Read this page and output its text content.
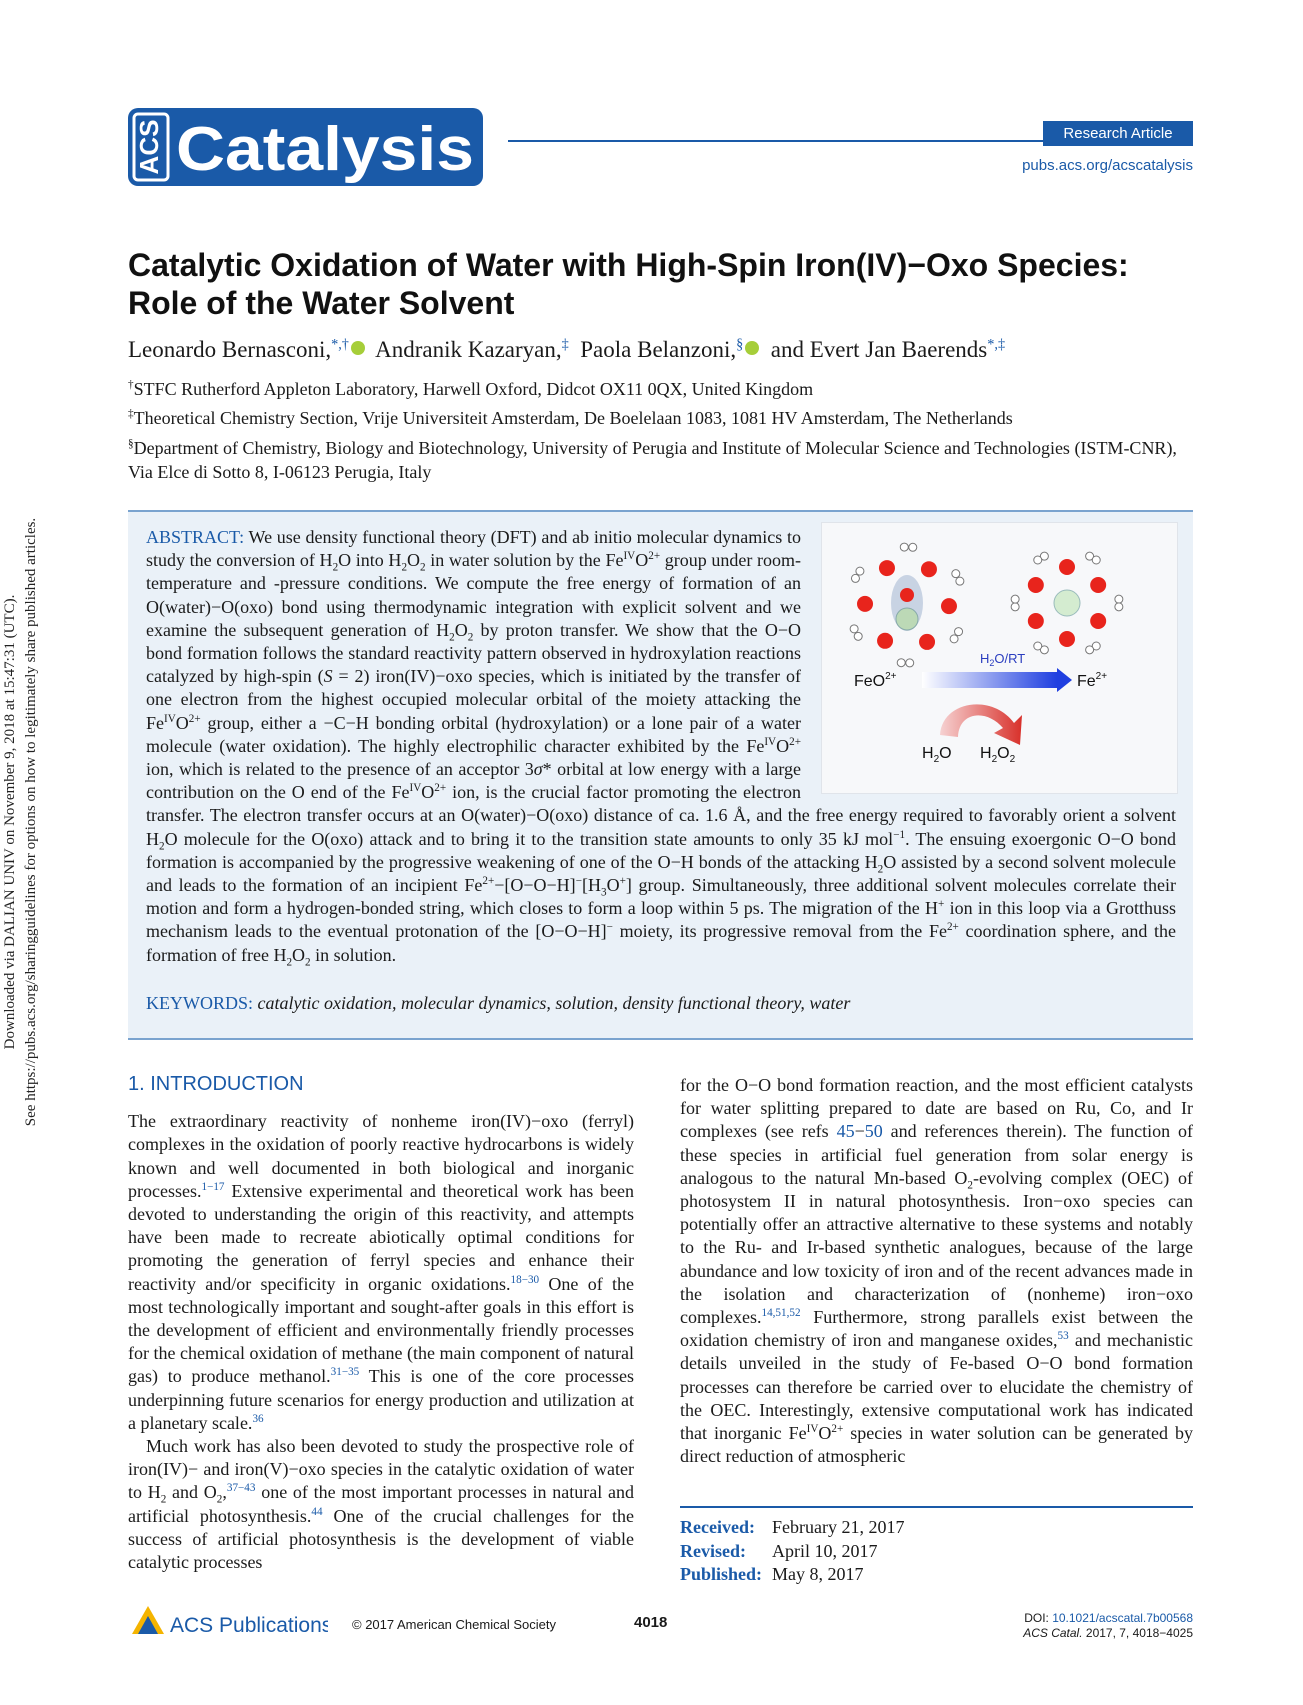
ACS Catalysis	Research Article
pubs.acs.org/acscatalysis
Downloaded via DALIAN UNIV on November 9, 2018 at 15:47:31 (UTC). See https://pubs.acs.org/sharingguidelines for options on how to legitimately share published articles.
Catalytic Oxidation of Water with High-Spin Iron(IV)−Oxo Species:
Role of the Water Solvent
Leonardo Bernasconi,*,† Andranik Kazaryan,‡ Paola Belanzoni,§ and Evert Jan Baerends*,‡
†STFC Rutherford Appleton Laboratory, Harwell Oxford, Didcot OX11 0QX, United Kingdom
‡Theoretical Chemistry Section, Vrije Universiteit Amsterdam, De Boelelaan 1083, 1081 HV Amsterdam, The Netherlands
§Department of Chemistry, Biology and Biotechnology, University of Perugia and Institute of Molecular Science and Technologies (ISTM-CNR), Via Elce di Sotto 8, I-06123 Perugia, Italy
$H_2O/RT$
FeO$^{2+}$	$Fe^{2+}$
$H_2O$ $H_2O_2$
ABSTRACT: We use density functional theory (DFT) and ab initio molecular dynamics to study the conversion of $H_2O$ into $H_2O_2$ in water solution by the $Fe^{IV}O^{2+}$ group under room-temperature and -pressure conditions. We compute the free energy of formation of an O(water)−O(oxo) bond using thermodynamic integration with explicit solvent and we examine the subsequent generation of $H_2O_2$ by proton transfer. We show that the O−O bond formation follows the standard reactivity pattern observed in hydroxylation reactions catalyzed by high-spin (S = 2) iron(IV)−oxo species, which is initiated by the transfer of one electron from the highest occupied molecular orbital of the moiety attacking the $Fe^{IV}O^{2+}$ group, either a −C−H bonding orbital (hydroxylation) or a lone pair of a water molecule (water oxidation). The highly electrophilic character exhibited by the $Fe^{IV}O^{2+}$ ion, which is related to the presence of an acceptor 3σ* orbital at low energy with a large contribution on the O end of the $Fe^{IV}O^{2+}$ ion, is the crucial factor promoting the electron transfer. The electron transfer occurs at an O(water)−O(oxo) distance of ca. 1.6 Å, and the free energy required to favorably orient a solvent $H_2O$ molecule for the O(oxo) attack and to bring it to the transition state amounts to only 35 kJ mol$^{-1}$. The ensuing exoergonic O−O bond formation is accompanied by the progressive weakening of one of the O−H bonds of the attacking $H_2O$ assisted by a second solvent molecule and leads to the formation of an incipient $Fe^{2+}-[O-O-H]^-[H_3O^+]$ group. Simultaneously, three additional solvent molecules correlate their motion and form a hydrogen-bonded string, which closes to form a loop within 5 ps. The migration of the H+ ion in this loop via a Grotthuss mechanism leads to the eventual protonation of the [O−O−H]− moiety, its progressive removal from the $Fe^{2+}$ coordination sphere, and the formation of free $H_2O_2$ in solution.
KEYWORDS: catalytic oxidation, molecular dynamics, solution, density functional theory, water
1. INTRODUCTION

The extraordinary reactivity of nonheme iron(IV)−oxo (ferryl) complexes in the oxidation of poorly reactive hydrocarbons is widely known and well documented in both biological and inorganic processes.$^{1-17}$ Extensive experimental and theoretical work has been devoted to understanding the origin of this reactivity, and attempts have been made to recreate abiotically optimal conditions for promoting the generation of ferryl species and enhance their reactivity and/or specificity in organic oxidations.$^{18-30}$ One of the most technologically important and sought-after goals in this effort is the development of efficient and environmentally friendly processes for the chemical oxidation of methane (the main component of natural gas) to produce methanol.$^{31-35}$ This is one of the core processes underpinning future scenarios for energy production and utilization at a planetary scale.$^{36}$

Much work has also been devoted to study the prospective role of iron(IV)− and iron(V)−oxo species in the catalytic oxidation of water to $H_2$ and $O_2,^{37-43}$ one of the most important processes in natural and artificial photosynthesis.$^{44}$ One of the crucial challenges for the success of artificial photosynthesis is the development of viable catalytic processes

for the O−O bond formation reaction, and the most efficient catalysts for water splitting prepared to date are based on Ru, Co, and Ir complexes (see refs 45−50 and references therein). The function of these species in artificial fuel generation from solar energy is analogous to the natural Mn-based $O_2$-evolving complex (OEC) of photosystem II in natural photosynthesis. Iron−oxo species can potentially offer an attractive alternative to these systems and notably to the Ru- and Ir-based synthetic analogues, because of the large abundance and low toxicity of iron and of the recent advances made in the isolation and characterization of (nonheme) iron−oxo complexes.$^{14,51,52}$ Furthermore, strong parallels exist between the oxidation chemistry of iron and manganese oxides,$^{53}$ and mechanistic details unveiled in the study of Fe-based O−O bond formation processes can therefore be carried over to elucidate the chemistry of the OEC. Interestingly, extensive computational work has indicated that inorganic $Fe^{IV}O^{2+}$ species in water solution can be generated by direct reduction of atmospheric

Received: February 21, 2017
Revised: April 10, 2017
Published: May 8, 2017
ACS Publications © 2017 American Chemical Society	4018	DOI: 10.1021/acscatal.7b00568
ACS Catal. 2017, 7, 4018−4025
